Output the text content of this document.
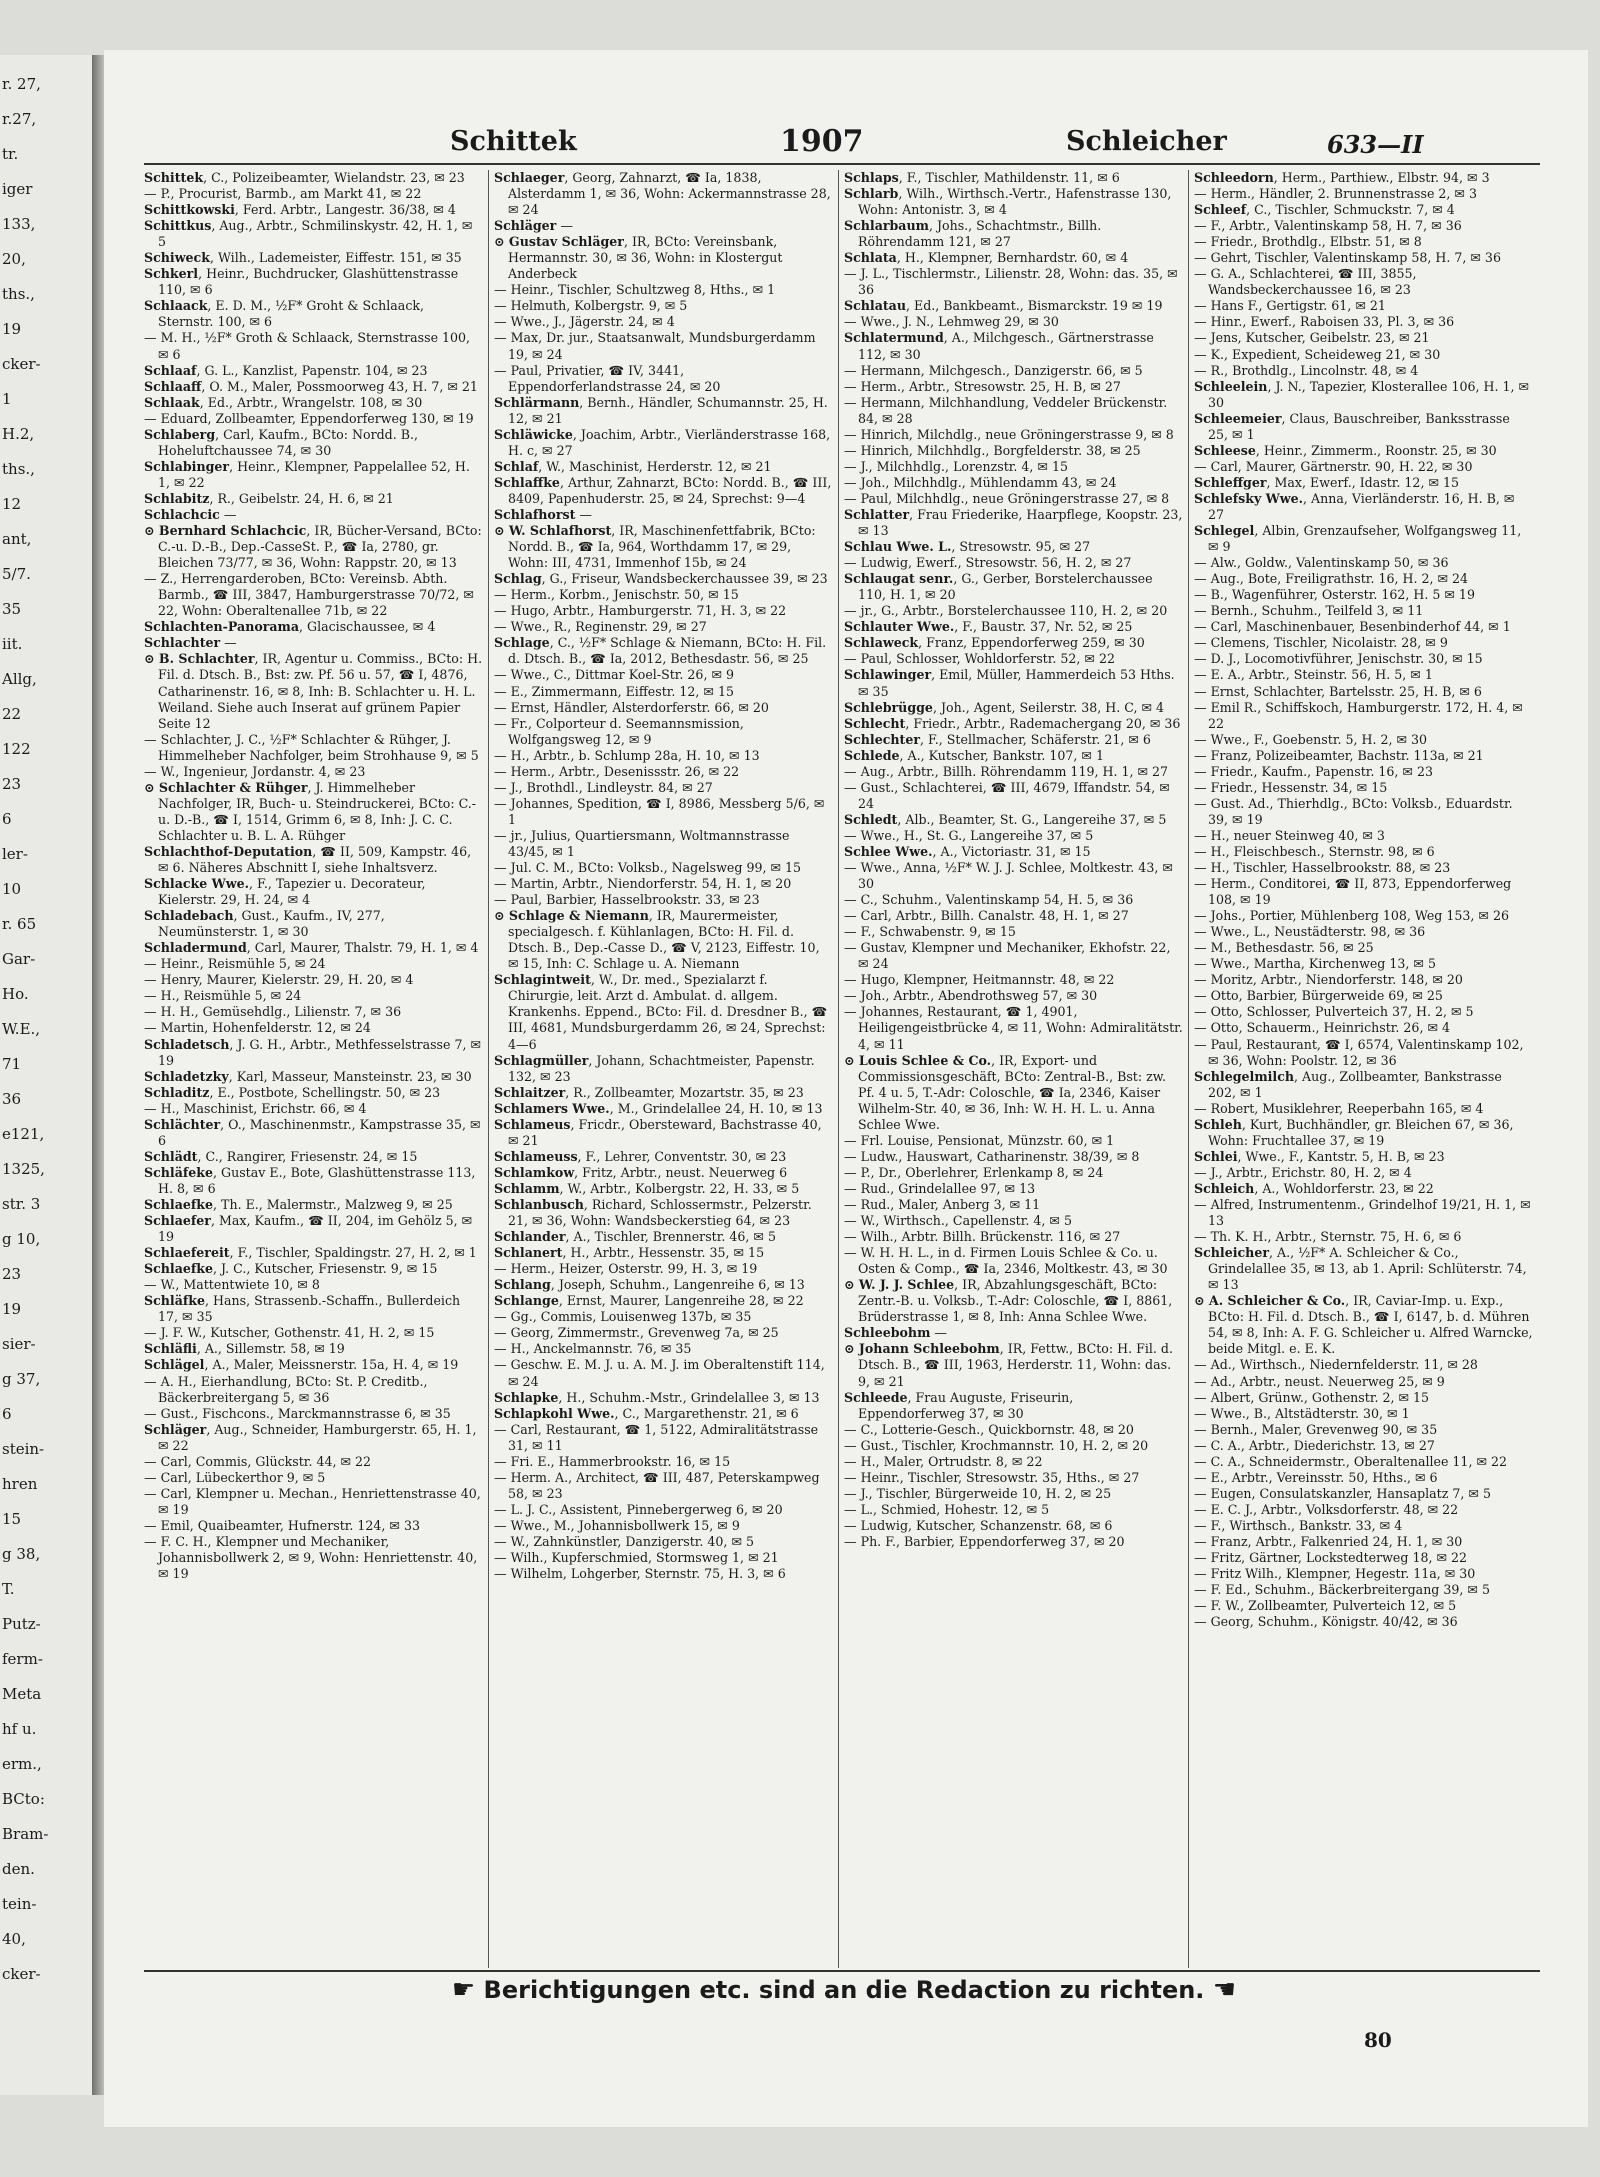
r. 27,
r.27,
tr.
iger
133,
20,
ths.,
19
cker-
1
H.2,
ths.,
12
ant,
5/7.
35
iit.
Allg,
22
122
23
6
ler-
10
r. 65
Gar-
Ho.
W.E.,
71
36
e121,
1325,
str. 3
g 10,
23
19
sier-
g 37,
6
stein-
hren
15
g 38,
T.
Putz-
ferm-
Meta
hf u.
erm.,
BCto:
Bram-
den.
tein-
40,
cker-
Schittek	1907	Schleicher	633—II

Schittek, C., Polizeibeamter, Wielandstr. 23, ✉ 23

— P., Procurist, Barmb., am Markt 41, ✉ 22

Schittkowski, Ferd. Arbtr., Langestr. 36/38, ✉ 4

Schittkus, Aug., Arbtr., Schmilinskystr. 42, H. 1, ✉ 5

Schiweck, Wilh., Lademeister, Eiffestr. 151, ✉ 35

Schkerl, Heinr., Buchdrucker, Glashüttenstrasse 110, ✉ 6

Schlaack, E. D. M., ½F* Groht & Schlaack, Sternstr. 100, ✉ 6

— M. H., ½F* Groth & Schlaack, Sternstrasse 100, ✉ 6

Schlaaf, G. L., Kanzlist, Papenstr. 104, ✉ 23

Schlaaff, O. M., Maler, Possmoorweg 43, H. 7, ✉ 21

Schlaak, Ed., Arbtr., Wrangelstr. 108, ✉ 30

— Eduard, Zollbeamter, Eppendorferweg 130, ✉ 19

Schlaberg, Carl, Kaufm., BCto: Nordd. B., Hoheluftchaussee 74, ✉ 30

Schlabinger, Heinr., Klempner, Pappelallee 52, H. 1, ✉ 22

Schlabitz, R., Geibelstr. 24, H. 6, ✉ 21

Schlachcic —

⊙ Bernhard Schlachcic, IR, Bücher-Versand, BCto: C.-u. D.-B., Dep.-CasseSt. P., ☎ Ia, 2780, gr. Bleichen 73/77, ✉ 36, Wohn: Rappstr. 20, ✉ 13

— Z., Herrengarderoben, BCto: Vereinsb. Abth. Barmb., ☎ III, 3847, Hamburgerstrasse 70/72, ✉ 22, Wohn: Oberaltenallee 71b, ✉ 22

Schlachten-Panorama, Glacischaussee, ✉ 4

Schlachter —

⊙ B. Schlachter, IR, Agentur u. Commiss., BCto: H. Fil. d. Dtsch. B., Bst: zw. Pf. 56 u. 57, ☎ I, 4876, Catharinenstr. 16, ✉ 8, Inh: B. Schlachter u. H. L. Weiland. Siehe auch Inserat auf grünem Papier Seite 12

— Schlachter, J. C., ½F* Schlachter & Rühger, J. Himmelheber Nachfolger, beim Strohhause 9, ✉ 5

— W., Ingenieur, Jordanstr. 4, ✉ 23

⊙ Schlachter & Rühger, J. Himmelheber Nachfolger, IR, Buch- u. Steindruckerei, BCto: C.-u. D.-B., ☎ I, 1514, Grimm 6, ✉ 8, Inh: J. C. C. Schlachter u. B. L. A. Rühger

Schlachthof-Deputation, ☎ II, 509, Kampstr. 46, ✉ 6. Näheres Abschnitt I, siehe Inhaltsverz.

Schlacke Wwe., F., Tapezier u. Decorateur, Kielerstr. 29, H. 24, ✉ 4

Schladebach, Gust., Kaufm., IV, 277, Neumünsterstr. 1, ✉ 30

Schladermund, Carl, Maurer, Thalstr. 79, H. 1, ✉ 4

— Heinr., Reismühle 5, ✉ 24

— Henry, Maurer, Kielerstr. 29, H. 20, ✉ 4

— H., Reismühle 5, ✉ 24

— H. H., Gemüsehdlg., Lilienstr. 7, ✉ 36

— Martin, Hohenfelderstr. 12, ✉ 24

Schladetsch, J. G. H., Arbtr., Methfesselstrasse 7, ✉ 19

Schladetzky, Karl, Masseur, Mansteinstr. 23, ✉ 30

Schladitz, E., Postbote, Schellingstr. 50, ✉ 23

— H., Maschinist, Erichstr. 66, ✉ 4

Schlächter, O., Maschinenmstr., Kampstrasse 35, ✉ 6

Schlädt, C., Rangirer, Friesenstr. 24, ✉ 15

Schläfeke, Gustav E., Bote, Glashüttenstrasse 113, H. 8, ✉ 6

Schlaefke, Th. E., Malermstr., Malzweg 9, ✉ 25

Schlaefer, Max, Kaufm., ☎ II, 204, im Gehölz 5, ✉ 19

Schlaefereit, F., Tischler, Spaldingstr. 27, H. 2, ✉ 1

Schlaefke, J. C., Kutscher, Friesenstr. 9, ✉ 15

— W., Mattentwiete 10, ✉ 8

Schläfke, Hans, Strassenb.-Schaffn., Bullerdeich 17, ✉ 35

— J. F. W., Kutscher, Gothenstr. 41, H. 2, ✉ 15

Schläfli, A., Sillemstr. 58, ✉ 19

Schlägel, A., Maler, Meissnerstr. 15a, H. 4, ✉ 19

— A. H., Eierhandlung, BCto: St. P. Creditb., Bäckerbreitergang 5, ✉ 36

— Gust., Fischcons., Marckmannstrasse 6, ✉ 35

Schläger, Aug., Schneider, Hamburgerstr. 65, H. 1, ✉ 22

— Carl, Commis, Glückstr. 44, ✉ 22

— Carl, Lübeckerthor 9, ✉ 5

— Carl, Klempner u. Mechan., Henriettenstrasse 40, ✉ 19

— Emil, Quaibeamter, Hufnerstr. 124, ✉ 33

— F. C. H., Klempner und Mechaniker, Johannisbollwerk 2, ✉ 9, Wohn: Henriettenstr. 40, ✉ 19

Schlaeger, Georg, Zahnarzt, ☎ Ia, 1838, Alsterdamm 1, ✉ 36, Wohn: Ackermannstrasse 28, ✉ 24

Schläger —

⊙ Gustav Schläger, IR, BCto: Vereinsbank, Hermannstr. 30, ✉ 36, Wohn: in Klostergut Anderbeck

— Heinr., Tischler, Schultzweg 8, Hths., ✉ 1

— Helmuth, Kolbergstr. 9, ✉ 5

— Wwe., J., Jägerstr. 24, ✉ 4

— Max, Dr. jur., Staatsanwalt, Mundsburgerdamm 19, ✉ 24

— Paul, Privatier, ☎ IV, 3441, Eppendorferlandstrasse 24, ✉ 20

Schlärmann, Bernh., Händler, Schumannstr. 25, H. 12, ✉ 21

Schläwicke, Joachim, Arbtr., Vierländerstrasse 168, H. c, ✉ 27

Schlaf, W., Maschinist, Herderstr. 12, ✉ 21

Schlaffke, Arthur, Zahnarzt, BCto: Nordd. B., ☎ III, 8409, Papenhuderstr. 25, ✉ 24, Sprechst: 9—4

Schlafhorst —

⊙ W. Schlafhorst, IR, Maschinenfettfabrik, BCto: Nordd. B., ☎ Ia, 964, Worthdamm 17, ✉ 29, Wohn: III, 4731, Immenhof 15b, ✉ 24

Schlag, G., Friseur, Wandsbeckerchaussee 39, ✉ 23

— Herm., Korbm., Jenischstr. 50, ✉ 15

— Hugo, Arbtr., Hamburgerstr. 71, H. 3, ✉ 22

— Wwe., R., Reginenstr. 29, ✉ 27

Schlage, C., ½F* Schlage & Niemann, BCto: H. Fil. d. Dtsch. B., ☎ Ia, 2012, Bethesdastr. 56, ✉ 25

— Wwe., C., Dittmar Koel-Str. 26, ✉ 9

— E., Zimmermann, Eiffestr. 12, ✉ 15

— Ernst, Händler, Alsterdorferstr. 66, ✉ 20

— Fr., Colporteur d. Seemannsmission, Wolfgangsweg 12, ✉ 9

— H., Arbtr., b. Schlump 28a, H. 10, ✉ 13

— Herm., Arbtr., Desenissstr. 26, ✉ 22

— J., Brothdl., Lindleystr. 84, ✉ 27

— Johannes, Spedition, ☎ I, 8986, Messberg 5/6, ✉ 1

— jr., Julius, Quartiersmann, Woltmannstrasse 43/45, ✉ 1

— Jul. C. M., BCto: Volksb., Nagelsweg 99, ✉ 15

— Martin, Arbtr., Niendorferstr. 54, H. 1, ✉ 20

— Paul, Barbier, Hasselbrookstr. 33, ✉ 23

⊙ Schlage & Niemann, IR, Maurermeister, specialgesch. f. Kühlanlagen, BCto: H. Fil. d. Dtsch. B., Dep.-Casse D., ☎ V, 2123, Eiffestr. 10, ✉ 15, Inh: C. Schlage u. A. Niemann

Schlagintweit, W., Dr. med., Spezialarzt f. Chirurgie, leit. Arzt d. Ambulat. d. allgem. Krankenhs. Eppend., BCto: Fil. d. Dresdner B., ☎ III, 4681, Mundsburgerdamm 26, ✉ 24, Sprechst: 4—6

Schlagmüller, Johann, Schachtmeister, Papenstr. 132, ✉ 23

Schlaitzer, R., Zollbeamter, Mozartstr. 35, ✉ 23

Schlamers Wwe., M., Grindelallee 24, H. 10, ✉ 13

Schlameus, Fricdr., Obersteward, Bachstrasse 40, ✉ 21

Schlameuss, F., Lehrer, Conventstr. 30, ✉ 23

Schlamkow, Fritz, Arbtr., neust. Neuerweg 6

Schlamm, W., Arbtr., Kolbergstr. 22, H. 33, ✉ 5

Schlanbusch, Richard, Schlossermstr., Pelzerstr. 21, ✉ 36, Wohn: Wandsbeckerstieg 64, ✉ 23

Schlander, A., Tischler, Brennerstr. 46, ✉ 5

Schlanert, H., Arbtr., Hessenstr. 35, ✉ 15

— Herm., Heizer, Osterstr. 99, H. 3, ✉ 19

Schlang, Joseph, Schuhm., Langenreihe 6, ✉ 13

Schlange, Ernst, Maurer, Langenreihe 28, ✉ 22

— Gg., Commis, Louisenweg 137b, ✉ 35

— Georg, Zimmermstr., Grevenweg 7a, ✉ 25

— H., Anckelmannstr. 76, ✉ 35

— Geschw. E. M. J. u. A. M. J. im Oberaltenstift 114, ✉ 24

Schlapke, H., Schuhm.-Mstr., Grindelallee 3, ✉ 13

Schlapkohl Wwe., C., Margarethenstr. 21, ✉ 6

— Carl, Restaurant, ☎ 1, 5122, Admiralitätstrasse 31, ✉ 11

— Fri. E., Hammerbrookstr. 16, ✉ 15

— Herm. A., Architect, ☎ III, 487, Peterskampweg 58, ✉ 23

— L. J. C., Assistent, Pinnebergerweg 6, ✉ 20

— Wwe., M., Johannisbollwerk 15, ✉ 9

— W., Zahnkünstler, Danzigerstr. 40, ✉ 5

— Wilh., Kupferschmied, Stormsweg 1, ✉ 21

— Wilhelm, Lohgerber, Sternstr. 75, H. 3, ✉ 6

Schlaps, F., Tischler, Mathildenstr. 11, ✉ 6

Schlarb, Wilh., Wirthsch.-Vertr., Hafenstrasse 130, Wohn: Antonistr. 3, ✉ 4

Schlarbaum, Johs., Schachtmstr., Billh. Röhrendamm 121, ✉ 27

Schlata, H., Klempner, Bernhardstr. 60, ✉ 4

— J. L., Tischlermstr., Lilienstr. 28, Wohn: das. 35, ✉ 36

Schlatau, Ed., Bankbeamt., Bismarckstr. 19 ✉ 19

— Wwe., J. N., Lehmweg 29, ✉ 30

Schlatermund, A., Milchgesch., Gärtnerstrasse 112, ✉ 30

— Hermann, Milchgesch., Danzigerstr. 66, ✉ 5

— Herm., Arbtr., Stresowstr. 25, H. B, ✉ 27

— Hermann, Milchhandlung, Veddeler Brückenstr. 84, ✉ 28

— Hinrich, Milchdlg., neue Gröningerstrasse 9, ✉ 8

— Hinrich, Milchhdlg., Borgfelderstr. 38, ✉ 25

— J., Milchhdlg., Lorenzstr. 4, ✉ 15

— Joh., Milchhdlg., Mühlendamm 43, ✉ 24

— Paul, Milchhdlg., neue Gröningerstrasse 27, ✉ 8

Schlatter, Frau Friederike, Haarpflege, Koopstr. 23, ✉ 13

Schlau Wwe. L., Stresowstr. 95, ✉ 27

— Ludwig, Ewerf., Stresowstr. 56, H. 2, ✉ 27

Schlaugat senr., G., Gerber, Borstelerchaussee 110, H. 1, ✉ 20

— jr., G., Arbtr., Borstelerchaussee 110, H. 2, ✉ 20

Schlauter Wwe., F., Baustr. 37, Nr. 52, ✉ 25

Schlaweck, Franz, Eppendorferweg 259, ✉ 30

— Paul, Schlosser, Wohldorferstr. 52, ✉ 22

Schlawinger, Emil, Müller, Hammerdeich 53 Hths. ✉ 35

Schlebrügge, Joh., Agent, Seilerstr. 38, H. C, ✉ 4

Schlecht, Friedr., Arbtr., Rademachergang 20, ✉ 36

Schlechter, F., Stellmacher, Schäferstr. 21, ✉ 6

Schlede, A., Kutscher, Bankstr. 107, ✉ 1

— Aug., Arbtr., Billh. Röhrendamm 119, H. 1, ✉ 27

— Gust., Schlachterei, ☎ III, 4679, Iffandstr. 54, ✉ 24

Schledt, Alb., Beamter, St. G., Langereihe 37, ✉ 5

— Wwe., H., St. G., Langereihe 37, ✉ 5

Schlee Wwe., A., Victoriastr. 31, ✉ 15

— Wwe., Anna, ½F* W. J. J. Schlee, Moltkestr. 43, ✉ 30

— C., Schuhm., Valentinskamp 54, H. 5, ✉ 36

— Carl, Arbtr., Billh. Canalstr. 48, H. 1, ✉ 27

— F., Schwabenstr. 9, ✉ 15

— Gustav, Klempner und Mechaniker, Ekhofstr. 22, ✉ 24

— Hugo, Klempner, Heitmannstr. 48, ✉ 22

— Joh., Arbtr., Abendrothsweg 57, ✉ 30

— Johannes, Restaurant, ☎ 1, 4901, Heiligengeistbrücke 4, ✉ 11, Wohn: Admiralitätstr. 4, ✉ 11

⊙ Louis Schlee & Co., IR, Export- und Commissionsgeschäft, BCto: Zentral-B., Bst: zw. Pf. 4 u. 5, T.-Adr: Coloschle, ☎ Ia, 2346, Kaiser Wilhelm-Str. 40, ✉ 36, Inh: W. H. H. L. u. Anna Schlee Wwe.

— Frl. Louise, Pensionat, Münzstr. 60, ✉ 1

— Ludw., Hauswart, Catharinenstr. 38/39, ✉ 8

— P., Dr., Oberlehrer, Erlenkamp 8, ✉ 24

— Rud., Grindelallee 97, ✉ 13

— Rud., Maler, Anberg 3, ✉ 11

— W., Wirthsch., Capellenstr. 4, ✉ 5

— Wilh., Arbtr. Billh. Brückenstr. 116, ✉ 27

— W. H. H. L., in d. Firmen Louis Schlee & Co. u. Osten & Comp., ☎ Ia, 2346, Moltkestr. 43, ✉ 30

⊙ W. J. J. Schlee, IR, Abzahlungsgeschäft, BCto: Zentr.-B. u. Volksb., T.-Adr: Coloschle, ☎ I, 8861, Brüderstrasse 1, ✉ 8, Inh: Anna Schlee Wwe.

Schleebohm —

⊙ Johann Schleebohm, IR, Fettw., BCto: H. Fil. d. Dtsch. B., ☎ III, 1963, Herderstr. 11, Wohn: das. 9, ✉ 21

Schleede, Frau Auguste, Friseurin, Eppendorferweg 37, ✉ 30

— C., Lotterie-Gesch., Quickbornstr. 48, ✉ 20

— Gust., Tischler, Krochmannstr. 10, H. 2, ✉ 20

— H., Maler, Ortrudstr. 8, ✉ 22

— Heinr., Tischler, Stresowstr. 35, Hths., ✉ 27

— J., Tischler, Bürgerweide 10, H. 2, ✉ 25

— L., Schmied, Hohestr. 12, ✉ 5

— Ludwig, Kutscher, Schanzenstr. 68, ✉ 6

— Ph. F., Barbier, Eppendorferweg 37, ✉ 20

Schleedorn, Herm., Parthiew., Elbstr. 94, ✉ 3

— Herm., Händler, 2. Brunnenstrasse 2, ✉ 3

Schleef, C., Tischler, Schmuckstr. 7, ✉ 4

— F., Arbtr., Valentinskamp 58, H. 7, ✉ 36

— Friedr., Brothdlg., Elbstr. 51, ✉ 8

— Gehrt, Tischler, Valentinskamp 58, H. 7, ✉ 36

— G. A., Schlachterei, ☎ III, 3855, Wandsbeckerchaussee 16, ✉ 23

— Hans F., Gertigstr. 61, ✉ 21

— Hinr., Ewerf., Raboisen 33, Pl. 3, ✉ 36

— Jens, Kutscher, Geibelstr. 23, ✉ 21

— K., Expedient, Scheideweg 21, ✉ 30

— R., Brothdlg., Lincolnstr. 48, ✉ 4

Schleelein, J. N., Tapezier, Klosterallee 106, H. 1, ✉ 30

Schleemeier, Claus, Bauschreiber, Banksstrasse 25, ✉ 1

Schleese, Heinr., Zimmerm., Roonstr. 25, ✉ 30

— Carl, Maurer, Gärtnerstr. 90, H. 22, ✉ 30

Schleffger, Max, Ewerf., Idastr. 12, ✉ 15

Schlefsky Wwe., Anna, Vierländerstr. 16, H. B, ✉ 27

Schlegel, Albin, Grenzaufseher, Wolfgangsweg 11, ✉ 9

— Alw., Goldw., Valentinskamp 50, ✉ 36

— Aug., Bote, Freiligrathstr. 16, H. 2, ✉ 24

— B., Wagenführer, Osterstr. 162, H. 5 ✉ 19

— Bernh., Schuhm., Teilfeld 3, ✉ 11

— Carl, Maschinenbauer, Besenbinderhof 44, ✉ 1

— Clemens, Tischler, Nicolaistr. 28, ✉ 9

— D. J., Locomotivführer, Jenischstr. 30, ✉ 15

— E. A., Arbtr., Steinstr. 56, H. 5, ✉ 1

— Ernst, Schlachter, Bartelsstr. 25, H. B, ✉ 6

— Emil R., Schiffskoch, Hamburgerstr. 172, H. 4, ✉ 22

— Wwe., F., Goebenstr. 5, H. 2, ✉ 30

— Franz, Polizeibeamter, Bachstr. 113a, ✉ 21

— Friedr., Kaufm., Papenstr. 16, ✉ 23

— Friedr., Hessenstr. 34, ✉ 15

— Gust. Ad., Thierhdlg., BCto: Volksb., Eduardstr. 39, ✉ 19

— H., neuer Steinweg 40, ✉ 3

— H., Fleischbesch., Sternstr. 98, ✉ 6

— H., Tischler, Hasselbrookstr. 88, ✉ 23

— Herm., Conditorei, ☎ II, 873, Eppendorferweg 108, ✉ 19

— Johs., Portier, Mühlenberg 108, Weg 153, ✉ 26

— Wwe., L., Neustädterstr. 98, ✉ 36

— M., Bethesdastr. 56, ✉ 25

— Wwe., Martha, Kirchenweg 13, ✉ 5

— Moritz, Arbtr., Niendorferstr. 148, ✉ 20

— Otto, Barbier, Bürgerweide 69, ✉ 25

— Otto, Schlosser, Pulverteich 37, H. 2, ✉ 5

— Otto, Schauerm., Heinrichstr. 26, ✉ 4

— Paul, Restaurant, ☎ I, 6574, Valentinskamp 102, ✉ 36, Wohn: Poolstr. 12, ✉ 36

Schlegelmilch, Aug., Zollbeamter, Bankstrasse 202, ✉ 1

— Robert, Musiklehrer, Reeperbahn 165, ✉ 4

Schleh, Kurt, Buchhändler, gr. Bleichen 67, ✉ 36, Wohn: Fruchtallee 37, ✉ 19

Schlei, Wwe., F., Kantstr. 5, H. B, ✉ 23

— J., Arbtr., Erichstr. 80, H. 2, ✉ 4

Schleich, A., Wohldorferstr. 23, ✉ 22

— Alfred, Instrumentenm., Grindelhof 19/21, H. 1, ✉ 13

— Th. K. H., Arbtr., Sternstr. 75, H. 6, ✉ 6

Schleicher, A., ½F* A. Schleicher & Co., Grindelallee 35, ✉ 13, ab 1. April: Schlüterstr. 74, ✉ 13

⊙ A. Schleicher & Co., IR, Caviar-Imp. u. Exp., BCto: H. Fil. d. Dtsch. B., ☎ I, 6147, b. d. Mühren 54, ✉ 8, Inh: A. F. G. Schleicher u. Alfred Warncke, beide Mitgl. e. E. K.

— Ad., Wirthsch., Niedernfelderstr. 11, ✉ 28

— Ad., Arbtr., neust. Neuerweg 25, ✉ 9

— Albert, Grünw., Gothenstr. 2, ✉ 15

— Wwe., B., Altstädterstr. 30, ✉ 1

— Bernh., Maler, Grevenweg 90, ✉ 35

— C. A., Arbtr., Diederichstr. 13, ✉ 27

— C. A., Schneidermstr., Oberaltenallee 11, ✉ 22

— E., Arbtr., Vereinsstr. 50, Hths., ✉ 6

— Eugen, Consulatskanzler, Hansaplatz 7, ✉ 5

— E. C. J., Arbtr., Volksdorferstr. 48, ✉ 22

— F., Wirthsch., Bankstr. 33, ✉ 4

— Franz, Arbtr., Falkenried 24, H. 1, ✉ 30

— Fritz, Gärtner, Lockstedterweg 18, ✉ 22

— Fritz Wilh., Klempner, Hegestr. 11a, ✉ 30

— F. Ed., Schuhm., Bäckerbreitergang 39, ✉ 5

— F. W., Zollbeamter, Pulverteich 12, ✉ 5

— Georg, Schuhm., Königstr. 40/42, ✉ 36

☛ Berichtigungen etc. sind an die Redaction zu richten. ☚
80
